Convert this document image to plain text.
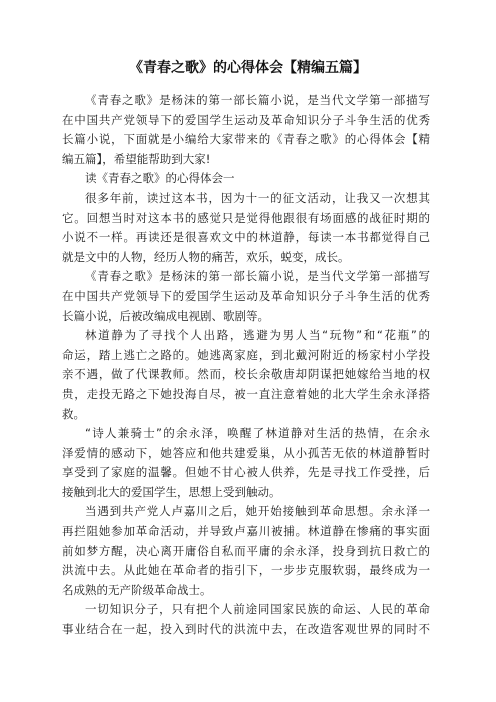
《青春之歌》的心得体会【精编五篇】
《青春之歌》是杨沫的第一部长篇小说，是当代文学第一部描写
在中国共产党领导下的爱国学生运动及革命知识分子斗争生活的优秀
长篇小说，下面就是小编给大家带来的《青春之歌》的心得体会【精
编五篇】，希望能帮助到大家!
读《青春之歌》的心得体会一
很多年前，读过这本书，因为十一的征文活动，让我又一次想其
它。回想当时对这本书的感觉只是觉得他跟很有场面感的战征时期的
小说不一样。再读还是很喜欢文中的林道静，每读一本书都觉得自己
就是文中的人物，经历人物的痛苦，欢乐，蜕变，成长。
《青春之歌》是杨沫的第一部长篇小说，是当代文学第一部描写
在中国共产党领导下的爱国学生运动及革命知识分子斗争生活的优秀
长篇小说，后被改编成电视剧、歌剧等。
林道静为了寻找个人出路，逃避为男人当“玩物”和“花瓶”的
命运，踏上逃亡之路的。她逃离家庭，到北戴河附近的杨家村小学投
亲不遇，做了代课教师。然而，校长余敬唐却阴谋把她嫁给当地的权
贵，走投无路之下她投海自尽，被一直注意着她的北大学生余永泽搭
救。
“诗人兼骑士”的余永泽，唤醒了林道静对生活的热情，在余永
泽爱情的感动下，她答应和他共建爱巢，从小孤苦无依的林道静暂时
享受到了家庭的温馨。但她不甘心被人供养，先是寻找工作受挫，后
接触到北大的爱国学生，思想上受到触动。
当遇到共产党人卢嘉川之后，她开始接触到革命思想。余永泽一
再拦阻她参加革命活动，并导致卢嘉川被捕。林道静在惨痛的事实面
前如梦方醒，决心离开庸俗自私而平庸的余永泽，投身到抗日救亡的
洪流中去。从此她在革命者的指引下，一步步克服软弱，最终成为一
名成熟的无产阶级革命战士。
一切知识分子，只有把个人前途同国家民族的命运、人民的革命
事业结合在一起，投入到时代的洪流中去，在改造客观世界的同时不
